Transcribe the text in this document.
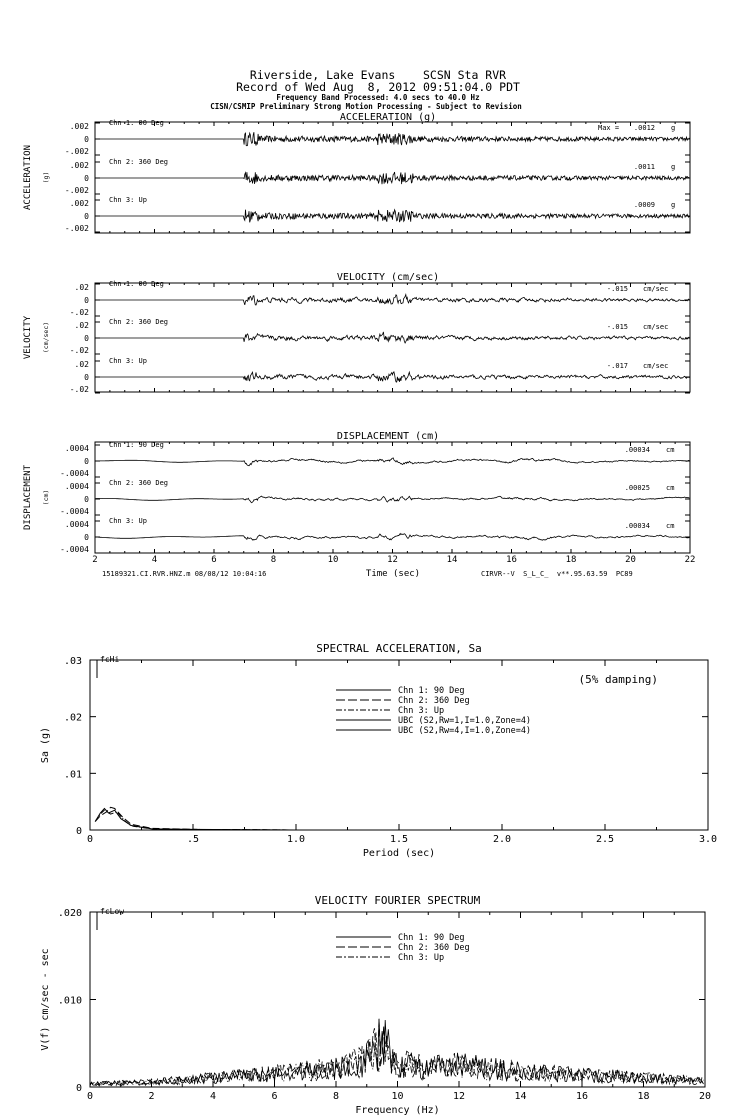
Riverside, Lake Evans    SCSN Sta RVR
Record of Wed Aug  8, 2012 09:51:04.0 PDT
Frequency Band Processed: 4.0 secs to 40.0 Hz
CISN/CSMIP Preliminary Strong Motion Processing - Subject to Revision
ACCELERATION (g)
ACCELERATION (g)
Chn 1: 90 Deg
.002
0
-.002
Max = .0012 g
Chn 2: 360 Deg
.002
0
-.002
.0011 g
Chn 3: Up
.002
0
-.002
.0009 g
VELOCITY (cm/sec)
VELOCITY (cm/sec)
Chn 1: 90 Deg
.02
0
-.02
-.015 cm/sec
Chn 2: 360 Deg
.02
0
-.02
-.015 cm/sec
Chn 3: Up
.02
0
-.02
-.017 cm/sec
DISPLACEMENT (cm)
DISPLACEMENT (cm)
Chn 1: 90 Deg
.0004
0
-.0004
.00034 cm
Chn 2: 360 Deg
.0004
0
-.0004
.00025 cm
Chn 3: Up
.0004
0
-.0004
.00034 cm
2	4	6	8	10	12	14	16	18	20	22
Time (sec)
15189321.CI.RVR.HNZ.m 08/08/12 10:04:16	CIRVR--V  S_L_C_  v**.95.63.59  PC89
SPECTRAL ACCELERATION, Sa
Period (sec)
Sa (g)
0	.5	1.0	1.5	2.0	2.5	3.0
.03
.02
.01
0
fcHi
Chn 1: 90 Deg
Chn 2: 360 Deg
Chn 3: Up
UBC (S2,Rw=1,I=1.0,Zone=4)
UBC (S2,Rw=4,I=1.0,Zone=4)
(5% damping)
VELOCITY FOURIER SPECTRUM
Frequency (Hz)
V(f) cm/sec - sec
0	2	4	6	8	10	12	14	16	18	20
.020
.010
0
fcLow
Chn 1: 90 Deg
Chn 2: 360 Deg
Chn 3: Up
